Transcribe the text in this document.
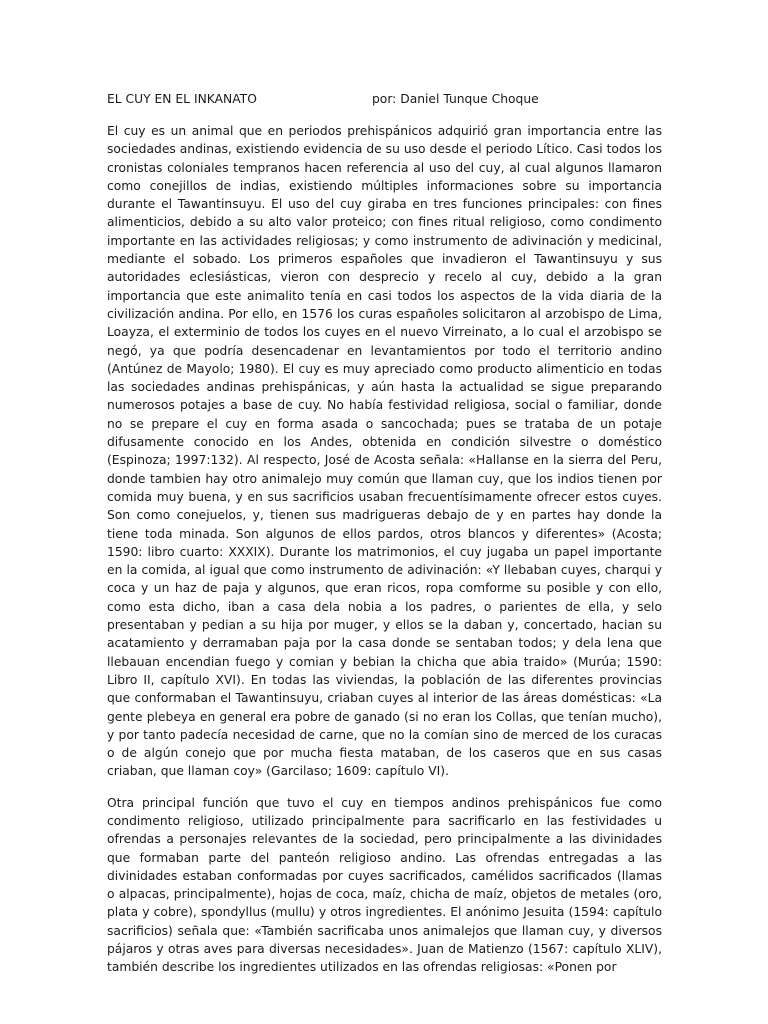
EL CUY EN EL INKANATO	por: Daniel Tunque Choque

El cuy es un animal que en periodos prehispánicos adquirió gran importancia entre las sociedades andinas, existiendo evidencia de su uso desde el periodo Lítico. Casi todos los cronistas coloniales tempranos hacen referencia al uso del cuy, al cual algunos llamaron como conejillos de indias, existiendo múltiples informaciones sobre su importancia durante el Tawantinsuyu. El uso del cuy giraba en tres funciones principales: con fines alimenticios, debido a su alto valor proteico; con fines ritual religioso, como condimento importante en las actividades religiosas; y como instrumento de adivinación y medicinal, mediante el sobado. Los primeros españoles que invadieron el Tawantinsuyu y sus autoridades eclesiásticas, vieron con desprecio y recelo al cuy, debido a la gran importancia que este animalito tenía en casi todos los aspectos de la vida diaria de la civilización andina. Por ello, en 1576 los curas españoles solicitaron al arzobispo de Lima, Loayza, el exterminio de todos los cuyes en el nuevo Virreinato, a lo cual el arzobispo se negó, ya que podría desencadenar en levantamientos por todo el territorio andino (Antúnez de Mayolo; 1980). El cuy es muy apreciado como producto alimenticio en todas las sociedades andinas prehispánicas, y aún hasta la actualidad se sigue preparando numerosos potajes a base de cuy. No había festividad religiosa, social o familiar, donde no se prepare el cuy en forma asada o sancochada; pues se trataba de un potaje difusamente conocido en los Andes, obtenida en condición silvestre o doméstico (Espinoza; 1997:132). Al respecto, José de Acosta señala: «Hallanse en la sierra del Peru, donde tambien hay otro animalejo muy común que llaman cuy, que los indios tienen por comida muy buena, y en sus sacrificios usaban frecuentísimamente ofrecer estos cuyes. Son como conejuelos, y, tienen sus madrigueras debajo de y en partes hay donde la tiene toda minada. Son algunos de ellos pardos, otros blancos y diferentes» (Acosta; 1590: libro cuarto: XXXIX). Durante los matrimonios, el cuy jugaba un papel importante en la comida, al igual que como instrumento de adivinación: «Y llebaban cuyes, charqui y coca y un haz de paja y algunos, que eran ricos, ropa comforme su posible y con ello, como esta dicho, iban a casa dela nobia a los padres, o parientes de ella, y selo presentaban y pedian a su hija por muger, y ellos se la daban y, concertado, hacian su acatamiento y derramaban paja por la casa donde se sentaban todos; y dela lena que llebauan encendian fuego y comian y bebian la chicha que abia traido» (Murúa; 1590: Libro II, capítulo XVI). En todas las viviendas, la población de las diferentes provincias que conformaban el Tawantinsuyu, criaban cuyes al interior de las áreas domésticas: «La gente plebeya en general era pobre de ganado (si no eran los Collas, que tenían mucho), y por tanto padecía necesidad de carne, que no la comían sino de merced de los curacas o de algún conejo que por mucha fiesta mataban, de los caseros que en sus casas criaban, que llaman coy» (Garcilaso; 1609: capítulo VI).

Otra principal función que tuvo el cuy en tiempos andinos prehispánicos fue como condimento religioso, utilizado principalmente para sacrificarlo en las festividades u ofrendas a personajes relevantes de la sociedad, pero principalmente a las divinidades que formaban parte del panteón religioso andino. Las ofrendas entregadas a las divinidades estaban conformadas por cuyes sacrificados, camélidos sacrificados (llamas o alpacas, principalmente), hojas de coca, maíz, chicha de maíz, objetos de metales (oro, plata y cobre), spondyllus (mullu) y otros ingredientes. El anónimo Jesuita (1594: capítulo sacrificios) señala que: «También sacrificaba unos animalejos que llaman cuy, y diversos pájaros y otras aves para diversas necesidades». Juan de Matienzo (1567: capítulo XLIV), también describe los ingredientes utilizados en las ofrendas religiosas: «Ponen por
